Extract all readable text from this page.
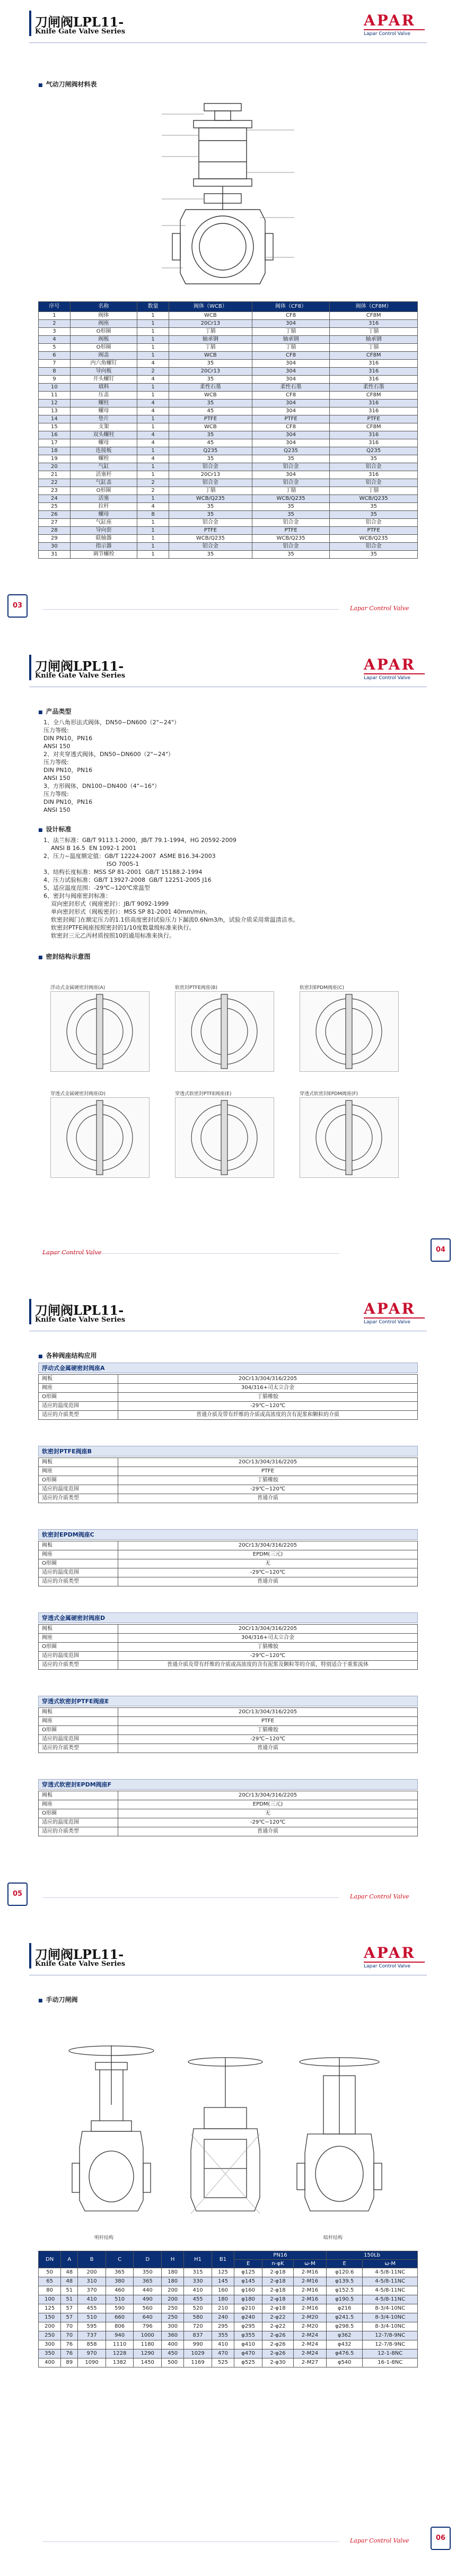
刀闸阀LPL11-
Knife Gate Valve Series
APAR
Lapar Control Valve
■ 气动刀闸阀材料表
序号	名称	数量	阀体（WCB）	阀体（CF8）	阀体（CF8M）
1	阀体	1	WCB	CF8	CF8M
2	阀座	1	20Cr13	304	316
3	O形圈	1	丁腈	丁腈	丁腈
4	阀板	1	轴承钢	轴承钢	轴承钢
5	O形圈	1	丁腈	丁腈	丁腈
6	阀盖	1	WCB	CF8	CF8M
7	内六角螺钉	4	35	304	316
8	导向板	2	20Cr13	304	316
9	开头螺钉	4	35	304	316
10	填料	1	柔性石墨	柔性石墨	柔性石墨
11	压盖	1	WCB	CF8	CF8M
12	螺柱	4	35	304	316
13	螺母	4	45	304	316
14	垫片	1	PTFE	PTFE	PTFE
15	支架	1	WCB	CF8	CF8M
16	双头螺柱	4	35	304	316
17	螺母	4	45	304	316
18	连接板	1	Q235	Q235	Q235
19	螺栓	4	35	35	35
20	气缸	1	铝合金	铝合金	铝合金
21	活塞杆	1	20Cr13	304	316
22	气缸盖	2	铝合金	铝合金	铝合金
23	O形圈	2	丁腈	丁腈	丁腈
24	活塞	1	WCB/Q235	WCB/Q235	WCB/Q235
25	拉杆	4	35	35	35
26	螺母	8	35	35	35
27	气缸座	1	铝合金	铝合金	铝合金
28	导向套	1	PTFE	PTFE	PTFE
29	联轴器	1	WCB/Q235	WCB/Q235	WCB/Q235
30	指示器	1	铝合金	铝合金	铝合金
31	调节螺栓	1	35	35	35
Lapar Control Valve
03
刀闸阀LPL11-
Knife Gate Valve Series
APAR
Lapar Control Valve
■ 产品类型
1、全八角形法式阀体，DN50~DN600（2"~24"）
压力等级:
DIN PN10，PN16
ANSI 150
2、对夹穿透式阀体，DN50~DN600（2"~24"）
压力等级:
DIN PN10，PN16
ANSI 150
3、方形阀体，DN100~DN400（4"~16"）
压力等级:
DIN PN10，PN16
ANSI 150
■ 设计标准
1、法兰标准：GB/T 9113.1-2000，JB/T 79.1-1994，HG 20592-2009
ANSI B 16.5  EN 1092-1 2001
2、压力~温度额定值：GB/T 12224-2007  ASME B16.34-2003
ISO 7005-1
3、结构长度标准：MSS SP 81-2001  GB/T 15188.2-1994
4、压力试验标准：GB/T 13927-2008  GB/T 12251-2005 J16
5、适应温度范围：-29℃~120℃常温型
6、密封与阀座密封标准：
双向密封形式（阀座密封）：JB/T 9092-1999
单向密封形式（阀板密封）：MSS SP 81-2001 40mm/min。
软密封阀门在额定压力的1.1倍高度密封试验压力下漏流0.6Nm3/h，试验介质采用常温清洁水。
软密封PTFE阀座按照密封的1/10度数量级标准来执行。
软密封三元乙丙材质按照10的通用标准来执行。
■ 密封结构示意图
浮动式金属硬密封阀座(A)	软密封PTFE阀座(B)	软密封EPDM阀座(C)
穿透式金属硬密封阀座(D)	穿透式软密封PTFE阀座(E)	穿透式软密封EPDM阀座(F)
Lapar Control Valve	04
刀闸阀LPL11-
Knife Gate Valve Series
APAR
Lapar Control Valve
■ 各种阀座结构应用
浮动式金属硬密封阀座A
阀板	20Cr13/304/316/2205
阀座	304/316+司太立合金
O形圈	丁腈橡胶
适应的温度范围	-29℃~120℃
适应的介质类型	普通介质及带有纤维的介质或高浓度的含有泥浆和颗粒的介质
软密封PTFE阀座B
阀板	20Cr13/304/316/2205
阀座	PTFE
O形圈	丁腈橡胶
适应的温度范围	-29℃~120℃
适应的介质类型	普通介质
软密封EPDM阀座C
阀板	20Cr13/304/316/2205
阀座	EPDM(三元)
O形圈	无
适应的温度范围	-29℃~120℃
适应的介质类型	普通介质
穿透式金属硬密封阀座D
阀板	20Cr13/304/316/2205
阀座	304/316+司太立合金
O形圈	丁腈橡胶
适应的温度范围	-29℃~120℃
适应的介质类型	普通介质及带有纤维的介质或高浓度的含有泥浆及颗粒等的介质，特别适合于重浆流体
穿透式软密封PTFE阀座E
阀板	20Cr13/304/316/2205
阀座	PTFE
O形圈	丁腈橡胶
适应的温度范围	-29℃~120℃
适应的介质类型	普通介质
穿透式软密封EPDM阀座F
阀板	20Cr13/304/316/2205
阀座	EPDM(三元)
O形圈	无
适应的温度范围	-29℃~120℃
适应的介质类型	普通介质
Lapar Control Valve
05
刀闸阀LPL11-
Knife Gate Valve Series
APAR
Lapar Control Valve
■ 手动刀闸阀
明杆结构	暗杆结构
DN	A	B	C	D	H	H1	B1	PN16			150Lb	
								E	n-φK	ω-M	E	ω-M
50	48	200	365	350	180	315	125	φ125	2-φ18	2-M16	φ120.6	4-5/8-11NC
65	48	310	380	365	180	330	145	φ145	2-φ18	2-M16	φ139.5	4-5/8-11NC
80	51	370	460	440	200	410	160	φ160	2-φ18	2-M16	φ152.5	4-5/8-11NC
100	51	410	510	490	200	455	180	φ180	2-φ18	2-M16	φ190.5	4-5/8-11NC
125	57	455	590	560	250	520	210	φ210	2-φ18	2-M16	φ216	8-3/4-10NC
150	57	510	660	640	250	580	240	φ240	2-φ22	2-M20	φ241.5	8-3/4-10NC
200	70	595	806	796	300	720	295	φ295	2-φ22	2-M20	φ298.5	8-3/4-10NC
250	70	737	940	1000	360	837	355	φ355	2-φ26	2-M24	φ362	12-7/8-9NC
300	76	858	1110	1180	400	990	410	φ410	2-φ26	2-M24	φ432	12-7/8-9NC
350	76	970	1228	1290	450	1029	470	φ470	2-φ26	2-M24	φ476.5	12-1-8NC
400	89	1090	1382	1450	500	1169	525	φ525	2-φ30	2-M27	φ540	16-1-8NC
Lapar Control Valve	06
